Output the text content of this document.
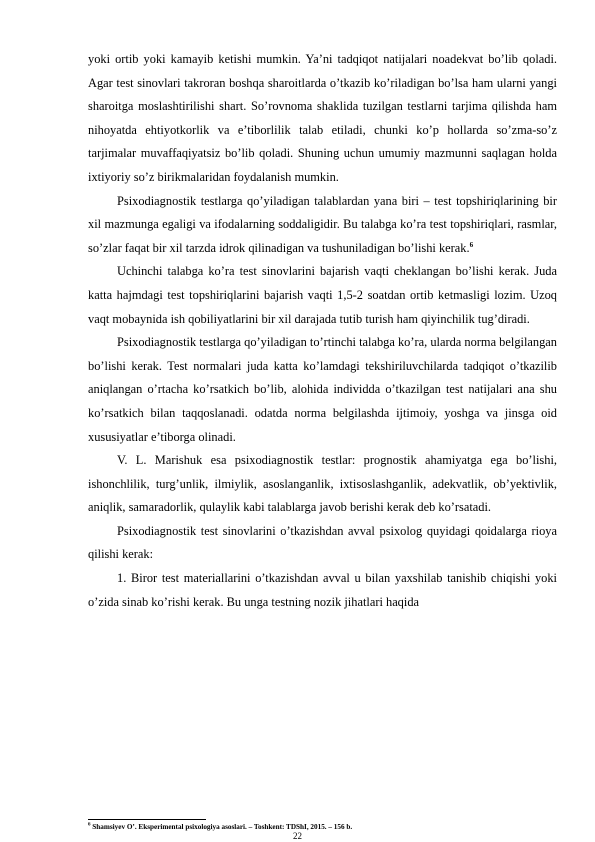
yoki ortib yoki kamayib ketishi mumkin. Ya’ni tadqiqot natijalari noadekvat bo’lib qoladi. Agar test sinovlari takroran boshqa sharoitlarda o’tkazib ko’riladigan bo’lsa ham ularni yangi sharoitga moslashtirilishi shart. So’rovnoma shaklida tuzilgan testlarni tarjima qilishda ham nihoyatda ehtiyotkorlik va e’tiborlilik talab etiladi, chunki ko’p hollarda so’zma-so’z tarjimalar muvaffaqiyatsiz bo’lib qoladi. Shuning uchun umumiy mazmunni saqlagan holda ixtiyoriy so’z birikmalaridan foydalanish mumkin.

Psixodiagnostik testlarga qo’yiladigan talablardan yana biri – test topshiriqlarining bir xil mazmunga egaligi va ifodalarning soddaligidir. Bu talabga ko’ra test topshiriqlari, rasmlar, so’zlar faqat bir xil tarzda idrok qilinadigan va tushuniladigan bo’lishi kerak.$^6$

Uchinchi talabga ko’ra test sinovlarini bajarish vaqti cheklangan bo’lishi kerak. Juda katta hajmdagi test topshiriqlarini bajarish vaqti 1,5-2 soatdan ortib ketmasligi lozim. Uzoq vaqt mobaynida ish qobiliyatlarini bir xil darajada tutib turish ham qiyinchilik tug’diradi.

Psixodiagnostik testlarga qo’yiladigan to’rtinchi talabga ko’ra, ularda norma belgilangan bo’lishi kerak. Test normalari juda katta ko’lamdagi tekshiriluvchilarda tadqiqot o’tkazilib aniqlangan o’rtacha ko’rsatkich bo’lib, alohida individda o’tkazilgan test natijalari ana shu ko’rsatkich bilan taqqoslanadi. odatda norma belgilashda ijtimoiy, yoshga va jinsga oid xususiyatlar e’tiborga olinadi.

V. L. Marishuk esa psixodiagnostik testlar: prognostik ahamiyatga ega bo’lishi, ishonchlilik, turg’unlik, ilmiylik, asoslanganlik, ixtisoslashganlik, adekvatlik, ob’yektivlik, aniqlik, samaradorlik, qulaylik kabi talablarga javob berishi kerak deb ko’rsatadi.

Psixodiagnostik test sinovlarini o’tkazishdan avval psixolog quyidagi qoidalarga rioya qilishi kerak:

1. Biror test materiallarini o’tkazishdan avval u bilan yaxshilab tanishib chiqishi yoki o’zida sinab ko’rishi kerak. Bu unga testning nozik jihatlari haqida

$^6$ Shamsiyev O’. Eksperimental psixologiya asoslari. – Toshkent: TDShI, 2015. – 156 b.
22
